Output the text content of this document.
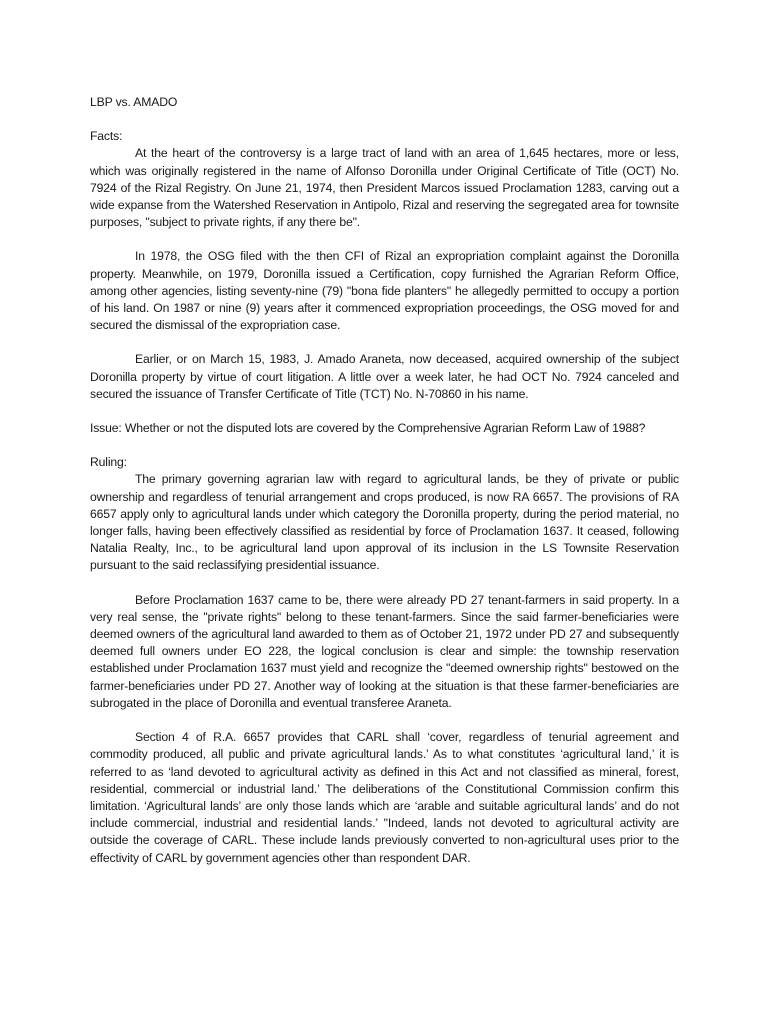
LBP vs. AMADO
Facts:

At the heart of the controversy is a large tract of land with an area of 1,645 hectares, more or less, which was originally registered in the name of Alfonso Doronilla under Original Certificate of Title (OCT) No. 7924 of the Rizal Registry. On June 21, 1974, then President Marcos issued Proclamation 1283, carving out a wide expanse from the Watershed Reservation in Antipolo, Rizal and reserving the segregated area for townsite purposes, "subject to private rights, if any there be".

In 1978, the OSG filed with the then CFI of Rizal an expropriation complaint against the Doronilla property. Meanwhile, on 1979, Doronilla issued a Certification, copy furnished the Agrarian Reform Office, among other agencies, listing seventy-nine (79) "bona fide planters" he allegedly permitted to occupy a portion of his land. On 1987 or nine (9) years after it commenced expropriation proceedings, the OSG moved for and secured the dismissal of the expropriation case.

Earlier, or on March 15, 1983, J. Amado Araneta, now deceased, acquired ownership of the subject Doronilla property by virtue of court litigation. A little over a week later, he had OCT No. 7924 canceled and secured the issuance of Transfer Certificate of Title (TCT) No. N-70860 in his name.

Issue: Whether or not the disputed lots are covered by the Comprehensive Agrarian Reform Law of 1988?

Ruling:

The primary governing agrarian law with regard to agricultural lands, be they of private or public ownership and regardless of tenurial arrangement and crops produced, is now RA 6657. The provisions of RA 6657 apply only to agricultural lands under which category the Doronilla property, during the period material, no longer falls, having been effectively classified as residential by force of Proclamation 1637. It ceased, following Natalia Realty, Inc., to be agricultural land upon approval of its inclusion in the LS Townsite Reservation pursuant to the said reclassifying presidential issuance.

Before Proclamation 1637 came to be, there were already PD 27 tenant-farmers in said property. In a very real sense, the "private rights" belong to these tenant-farmers. Since the said farmer-beneficiaries were deemed owners of the agricultural land awarded to them as of October 21, 1972 under PD 27 and subsequently deemed full owners under EO 228, the logical conclusion is clear and simple: the township reservation established under Proclamation 1637 must yield and recognize the "deemed ownership rights" bestowed on the farmer-beneficiaries under PD 27. Another way of looking at the situation is that these farmer-beneficiaries are subrogated in the place of Doronilla and eventual transferee Araneta.

Section 4 of R.A. 6657 provides that CARL shall ‘cover, regardless of tenurial agreement and commodity produced, all public and private agricultural lands.’ As to what constitutes ‘agricultural land,’ it is referred to as ‘land devoted to agricultural activity as defined in this Act and not classified as mineral, forest, residential, commercial or industrial land.’ The deliberations of the Constitutional Commission confirm this limitation. ‘Agricultural lands’ are only those lands which are ‘arable and suitable agricultural lands’ and do not include commercial, industrial and residential lands.’ "Indeed, lands not devoted to agricultural activity are outside the coverage of CARL. These include lands previously converted to non-agricultural uses prior to the effectivity of CARL by government agencies other than respondent DAR.
